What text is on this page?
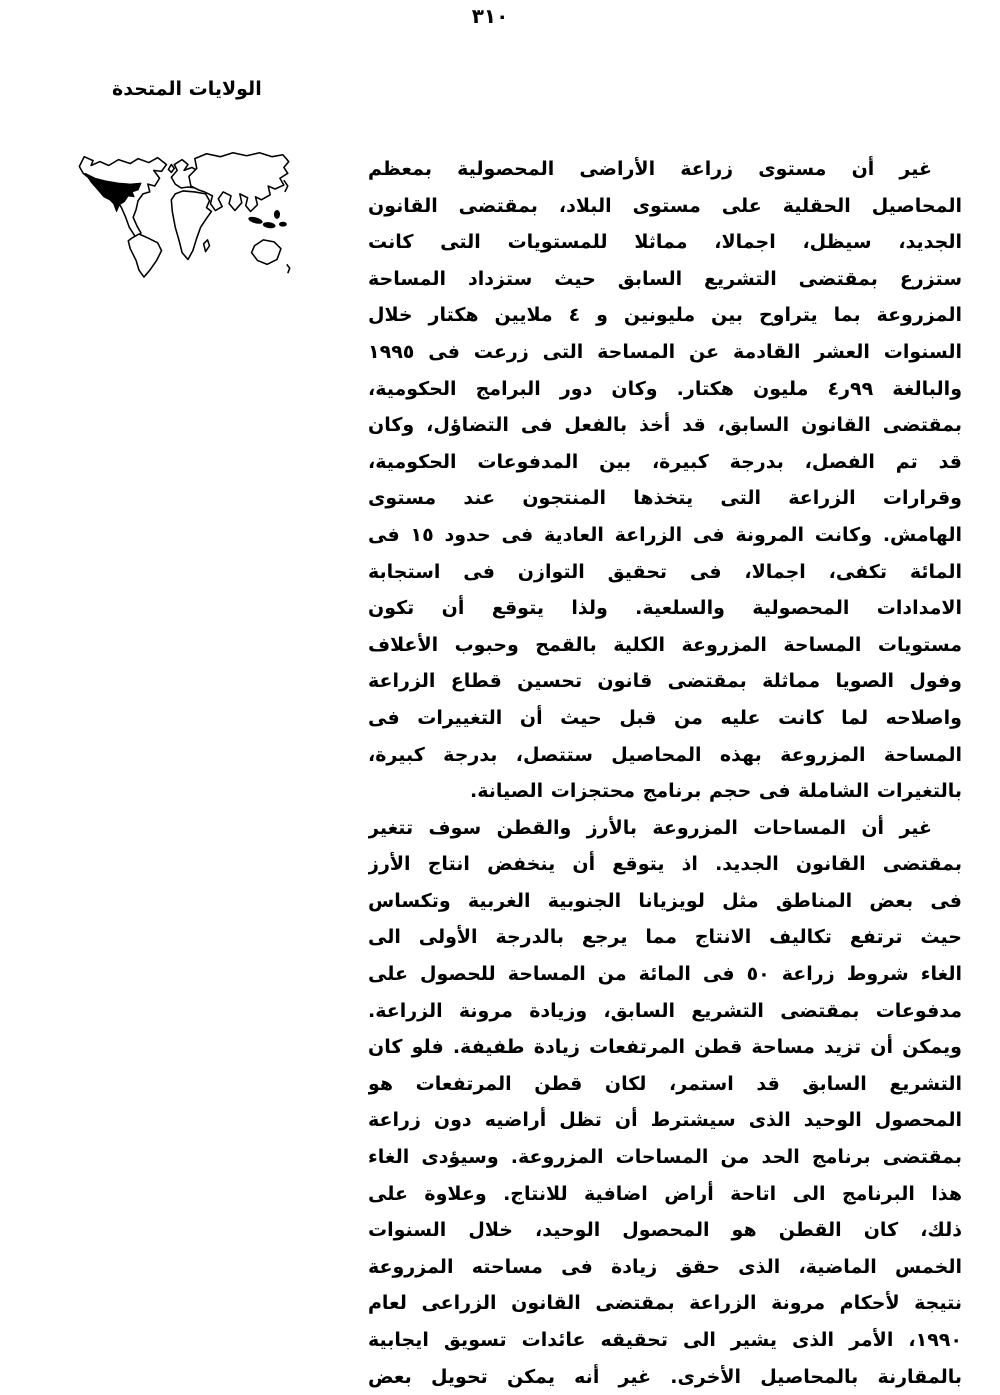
٣١٠
الولايات المتحدة
غير أن مستوى زراعة الأراضى المحصولية بمعظم
المحاصيل الحقلية على مستوى البلاد، بمقتضى القانون
الجديد، سيظل، اجمالا، مماثلا للمستويات التى كانت
ستزرع بمقتضى التشريع السابق حيث ستزداد المساحة
المزروعة بما يتراوح بين مليونين و ٤ ملايين هكتار خلال
السنوات العشر القادمة عن المساحة التى زرعت فى ١٩٩٥
والبالغة ٩٩ر٤ مليون هكتار. وكان دور البرامج الحكومية،
بمقتضى القانون السابق، قد أخذ بالفعل فى التضاؤل، وكان
قد تم الفصل، بدرجة كبيرة، بين المدفوعات الحكومية،
وقرارات الزراعة التى يتخذها المنتجون عند مستوى
الهامش. وكانت المرونة فى الزراعة العادية فى حدود ١٥ فى
المائة تكفى، اجمالا، فى تحقيق التوازن فى استجابة
الامدادات المحصولية والسلعية. ولذا يتوقع أن تكون
مستويات المساحة المزروعة الكلية بالقمح وحبوب الأعلاف
وفول الصويا مماثلة بمقتضى قانون تحسين قطاع الزراعة
واصلاحه لما كانت عليه من قبل حيث أن التغييرات فى
المساحة المزروعة بهذه المحاصيل ستتصل، بدرجة كبيرة،
بالتغيرات الشاملة فى حجم برنامج محتجزات الصيانة.
غير أن المساحات المزروعة بالأرز والقطن سوف تتغير
بمقتضى القانون الجديد. اذ يتوقع أن ينخفض انتاج الأرز
فى بعض المناطق مثل لويزيانا الجنوبية الغربية وتكساس
حيث ترتفع تكاليف الانتاج مما يرجع بالدرجة الأولى الى
الغاء شروط زراعة ٥٠ فى المائة من المساحة للحصول على
مدفوعات بمقتضى التشريع السابق، وزيادة مرونة الزراعة.
ويمكن أن تزيد مساحة قطن المرتفعات زيادة طفيفة. فلو كان
التشريع السابق قد استمر، لكان قطن المرتفعات هو
المحصول الوحيد الذى سيشترط أن تظل أراضيه دون زراعة
بمقتضى برنامج الحد من المساحات المزروعة. وسيؤدى الغاء
هذا البرنامج الى اتاحة أراض اضافية للانتاج. وعلاوة على
ذلك، كان القطن هو المحصول الوحيد، خلال السنوات
الخمس الماضية، الذى حقق زيادة فى مساحته المزروعة
نتيجة لأحكام مرونة الزراعة بمقتضى القانون الزراعى لعام
١٩٩٠، الأمر الذى يشير الى تحقيقه عائدات تسويق ايجابية
بالمقارنة بالمحاصيل الأخرى. غير أنه يمكن تحويل بعض
